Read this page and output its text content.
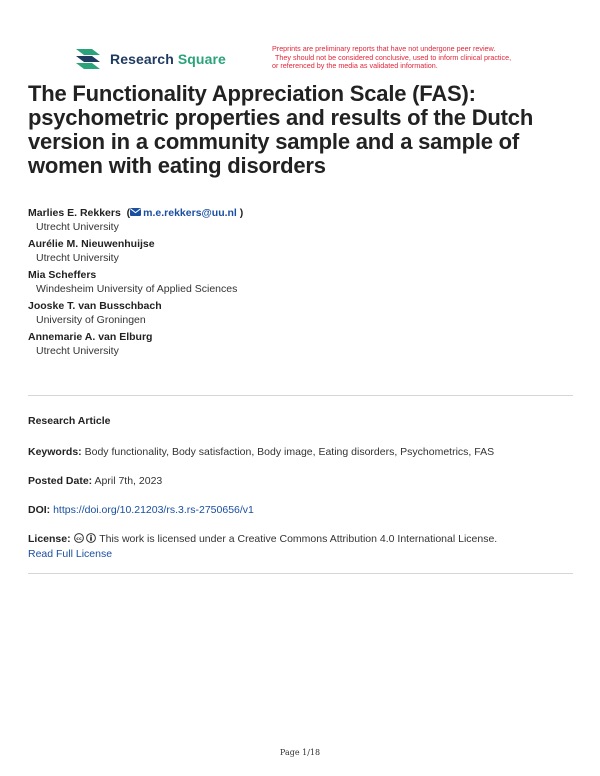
Research Square
Preprints are preliminary reports that have not undergone peer review.
They should not be considered conclusive, used to inform clinical practice,
or referenced by the media as validated information.
The Functionality Appreciation Scale (FAS): psychometric properties and results of the Dutch version in a community sample and a sample of women with eating disorders
Marlies E. Rekkers  ( m.e.rekkers@uu.nl )
Utrecht University
Aurélie M. Nieuwenhuijse
Utrecht University
Mia Scheffers
Windesheim University of Applied Sciences
Jooske T. van Busschbach
University of Groningen
Annemarie A. van Elburg
Utrecht University
Research Article
Keywords: Body functionality, Body satisfaction, Body image, Eating disorders, Psychometrics, FAS
Posted Date: April 7th, 2023
DOI: https://doi.org/10.21203/rs.3.rs-2750656/v1
License: cc This work is licensed under a Creative Commons Attribution 4.0 International License.
Read Full License
Page 1/18
